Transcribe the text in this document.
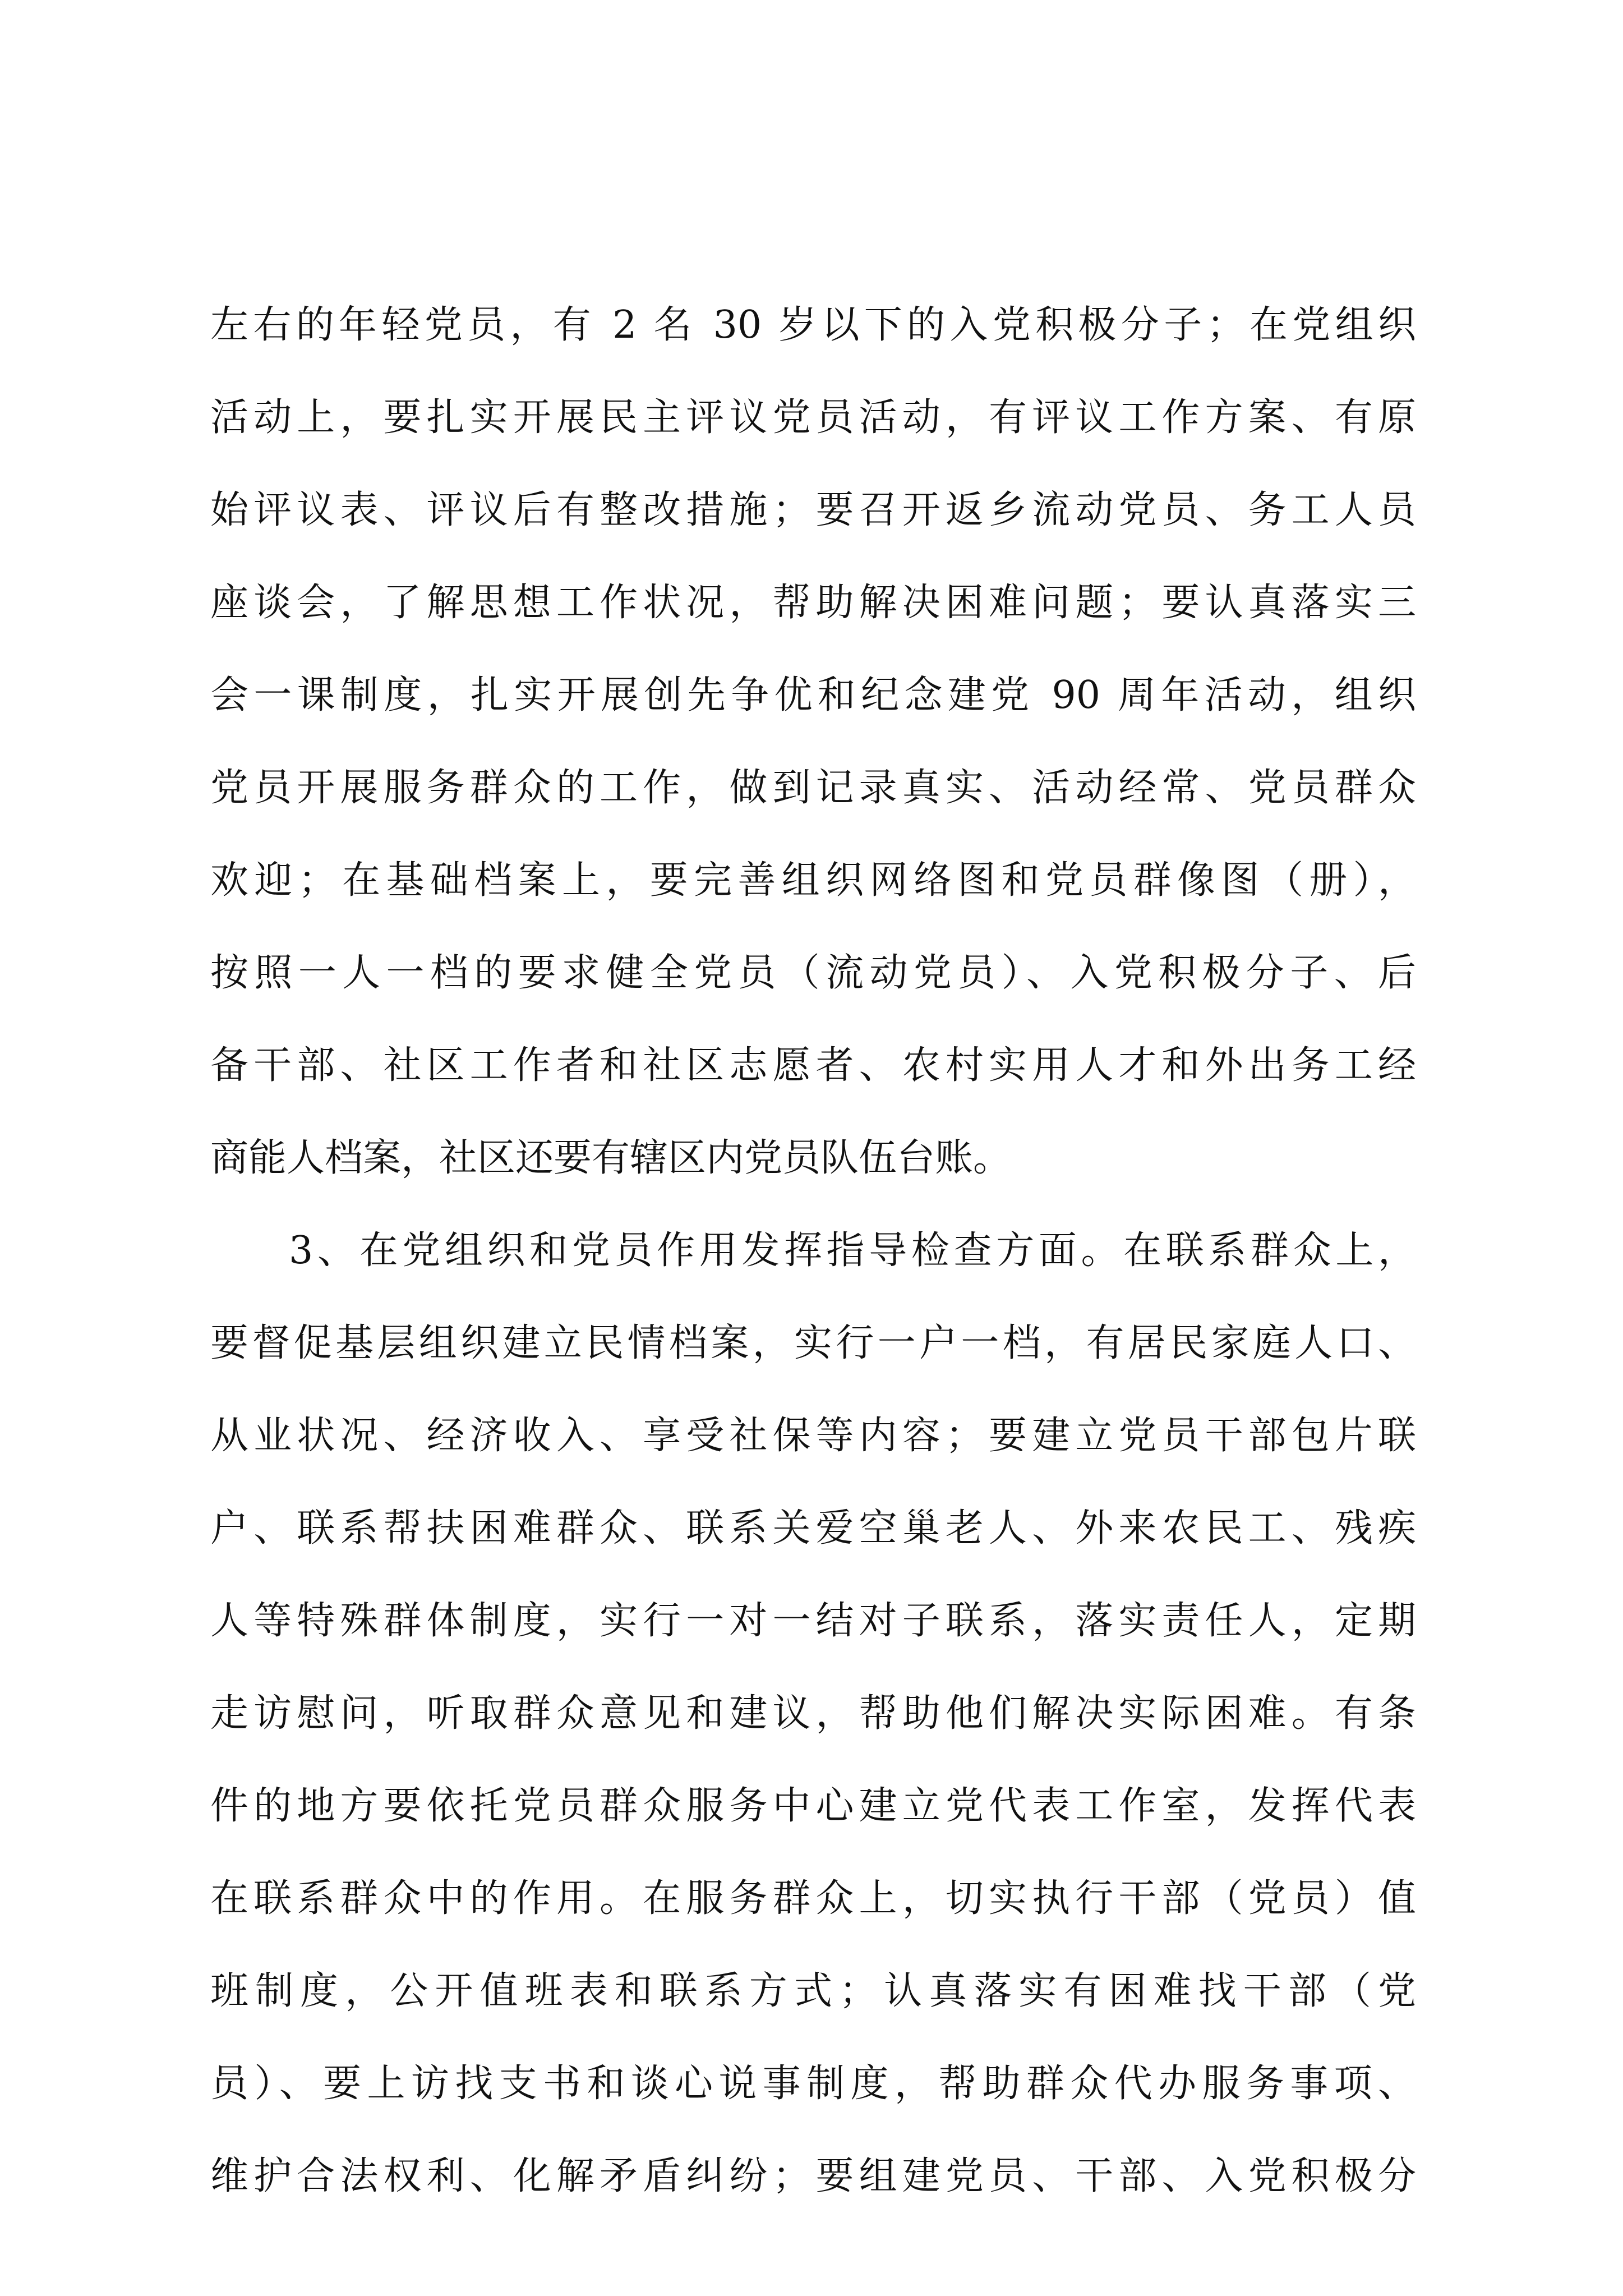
左右的年轻党员，有 2 名 30 岁以下的入党积极分子；在党组织
活动上，要扎实开展民主评议党员活动，有评议工作方案、有原
始评议表、评议后有整改措施；要召开返乡流动党员、务工人员
座谈会，了解思想工作状况，帮助解决困难问题；要认真落实三
会一课制度，扎实开展创先争优和纪念建党 90 周年活动，组织
党员开展服务群众的工作，做到记录真实、活动经常、党员群众
欢迎；在基础档案上，要完善组织网络图和党员群像图（册），
按照一人一档的要求健全党员（流动党员）、入党积极分子、后
备干部、社区工作者和社区志愿者、农村实用人才和外出务工经
商能人档案，社区还要有辖区内党员队伍台账。
3、在党组织和党员作用发挥指导检查方面。在联系群众上，
要督促基层组织建立民情档案，实行一户一档，有居民家庭人口、
从业状况、经济收入、享受社保等内容；要建立党员干部包片联
户、联系帮扶困难群众、联系关爱空巢老人、外来农民工、残疾
人等特殊群体制度，实行一对一结对子联系，落实责任人，定期
走访慰问，听取群众意见和建议，帮助他们解决实际困难。有条
件的地方要依托党员群众服务中心建立党代表工作室，发挥代表
在联系群众中的作用。在服务群众上，切实执行干部（党员）值
班制度，公开值班表和联系方式；认真落实有困难找干部（党
员）、要上访找支书和谈心说事制度，帮助群众代办服务事项、
维护合法权利、化解矛盾纠纷；要组建党员、干部、入党积极分
